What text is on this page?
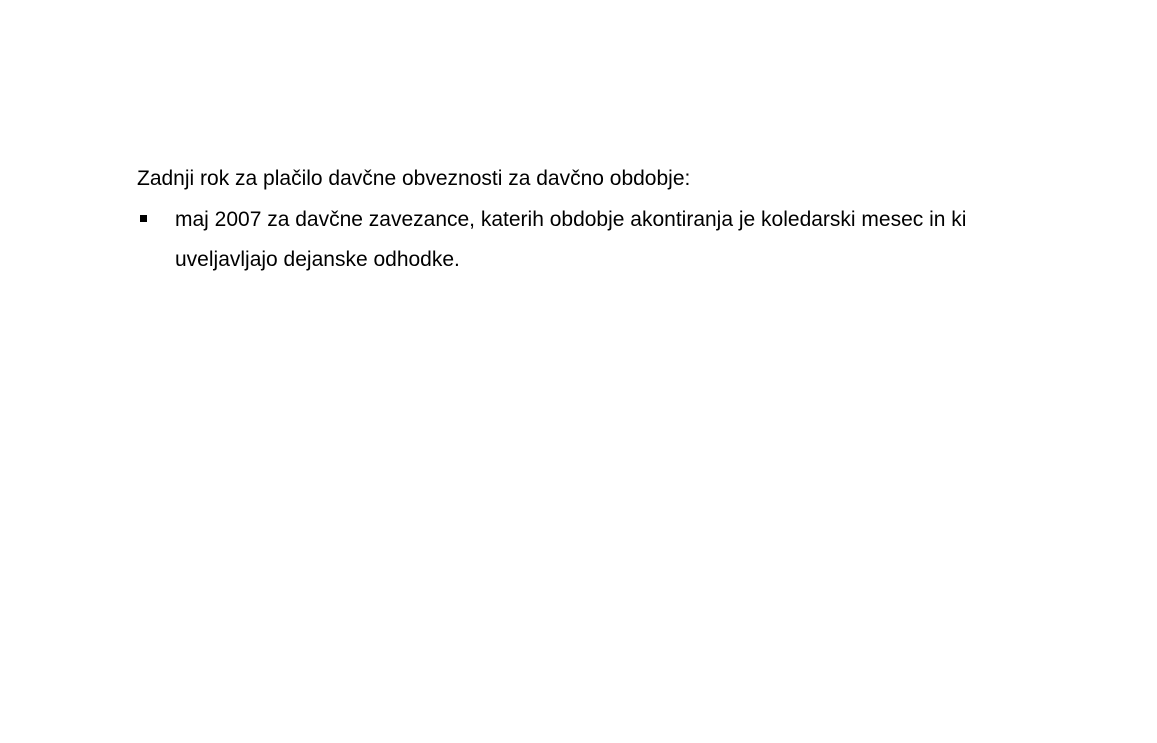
Zadnji rok za plačilo davčne obveznosti za davčno obdobje:

maj 2007 za davčne zavezance, katerih obdobje akontiranja je koledarski mesec in ki uveljavljajo dejanske odhodke.
